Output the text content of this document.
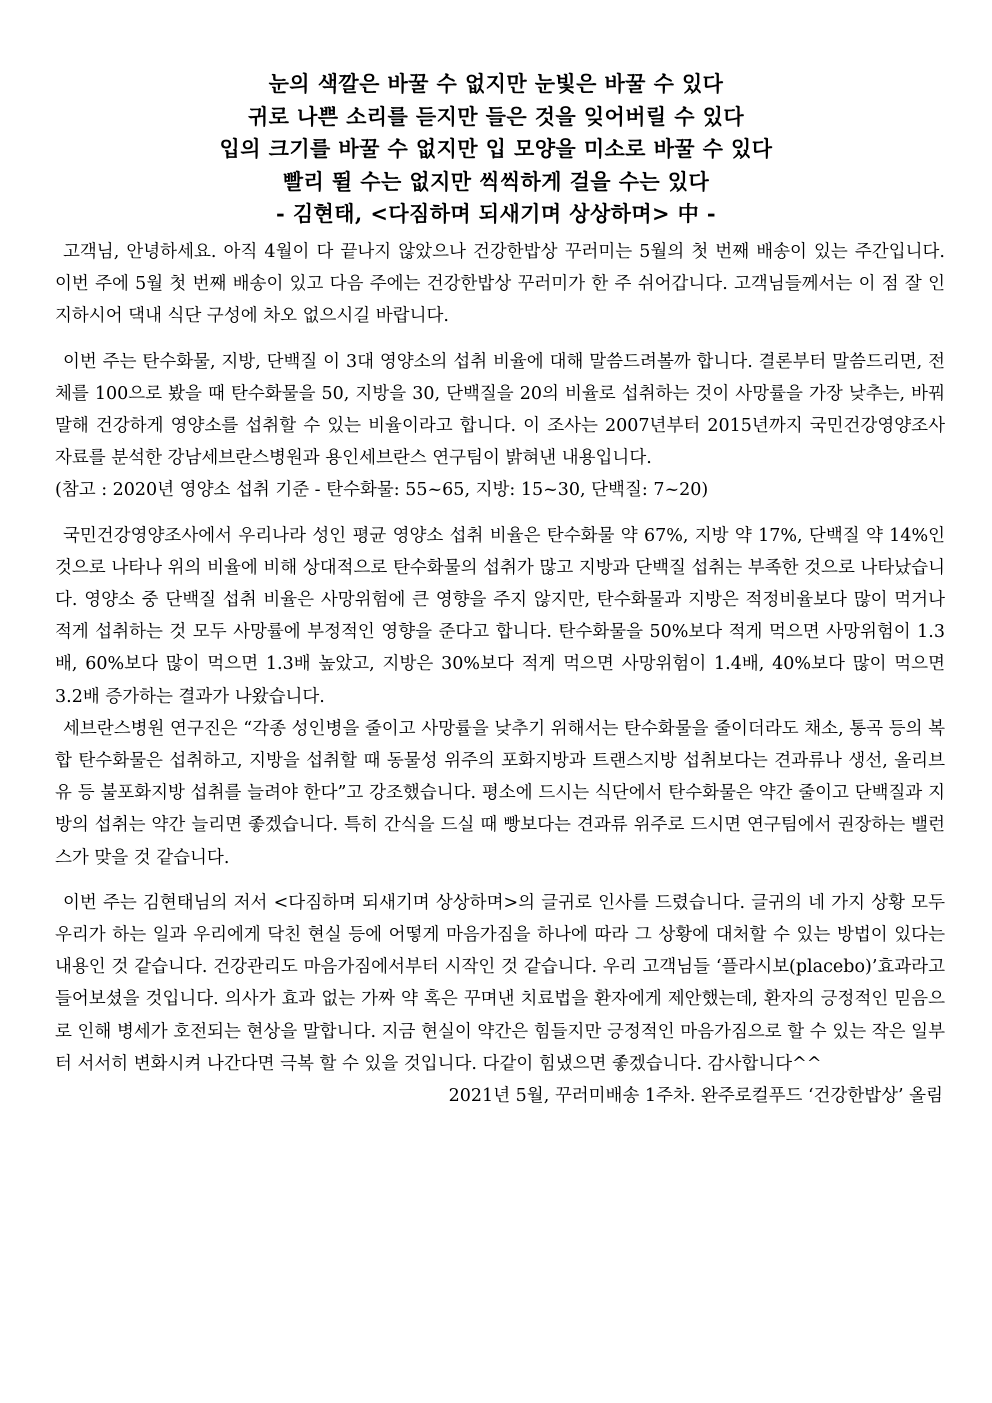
눈의 색깔은 바꿀 수 없지만 눈빛은 바꿀 수 있다
귀로 나쁜 소리를 듣지만 들은 것을 잊어버릴 수 있다
입의 크기를 바꿀 수 없지만 입 모양을 미소로 바꿀 수 있다
빨리 뛸 수는 없지만 씩씩하게 걸을 수는 있다
- 김현태, <다짐하며 되새기며 상상하며> 中 -

고객님, 안녕하세요. 아직 4월이 다 끝나지 않았으나 건강한밥상 꾸러미는 5월의 첫 번째 배송이 있는 주간입니다. 이번 주에 5월 첫 번째 배송이 있고 다음 주에는 건강한밥상 꾸러미가 한 주 쉬어갑니다. 고객님들께서는 이 점 잘 인지하시어 댁내 식단 구성에 차오 없으시길 바랍니다.

이번 주는 탄수화물, 지방, 단백질 이 3대 영양소의 섭취 비율에 대해 말씀드려볼까 합니다. 결론부터 말씀드리면, 전체를 100으로 봤을 때 탄수화물을 50, 지방을 30, 단백질을 20의 비율로 섭취하는 것이 사망률을 가장 낮추는, 바꿔 말해 건강하게 영양소를 섭취할 수 있는 비율이라고 합니다. 이 조사는 2007년부터 2015년까지 국민건강영양조사 자료를 분석한 강남세브란스병원과 용인세브란스 연구팀이 밝혀낸 내용입니다.

(참고 : 2020년 영양소 섭취 기준 - 탄수화물: 55~65, 지방: 15~30, 단백질: 7~20)

국민건강영양조사에서 우리나라 성인 평균 영양소 섭취 비율은 탄수화물 약 67%, 지방 약 17%, 단백질 약 14%인 것으로 나타나 위의 비율에 비해 상대적으로 탄수화물의 섭취가 많고 지방과 단백질 섭취는 부족한 것으로 나타났습니다. 영양소 중 단백질 섭취 비율은 사망위험에 큰 영향을 주지 않지만, 탄수화물과 지방은 적정비율보다 많이 먹거나 적게 섭취하는 것 모두 사망률에 부정적인 영향을 준다고 합니다. 탄수화물을 50%보다 적게 먹으면 사망위험이 1.3배, 60%보다 많이 먹으면 1.3배 높았고, 지방은 30%보다 적게 먹으면 사망위험이 1.4배, 40%보다 많이 먹으면 3.2배 증가하는 결과가 나왔습니다.

세브란스병원 연구진은 “각종 성인병을 줄이고 사망률을 낮추기 위해서는 탄수화물을 줄이더라도 채소, 통곡 등의 복합 탄수화물은 섭취하고, 지방을 섭취할 때 동물성 위주의 포화지방과 트랜스지방 섭취보다는 견과류나 생선, 올리브유 등 불포화지방 섭취를 늘려야 한다”고 강조했습니다. 평소에 드시는 식단에서 탄수화물은 약간 줄이고 단백질과 지방의 섭취는 약간 늘리면 좋겠습니다. 특히 간식을 드실 때 빵보다는 견과류 위주로 드시면 연구팀에서 권장하는 밸런스가 맞을 것 같습니다.

이번 주는 김현태님의 저서 <다짐하며 되새기며 상상하며>의 글귀로 인사를 드렸습니다. 글귀의 네 가지 상황 모두 우리가 하는 일과 우리에게 닥친 현실 등에 어떻게 마음가짐을 하나에 따라 그 상황에 대처할 수 있는 방법이 있다는 내용인 것 같습니다. 건강관리도 마음가짐에서부터 시작인 것 같습니다. 우리 고객님들 ‘플라시보(placebo)’효과라고 들어보셨을 것입니다. 의사가 효과 없는 가짜 약 혹은 꾸며낸 치료법을 환자에게 제안했는데, 환자의 긍정적인 믿음으로 인해 병세가 호전되는 현상을 말합니다. 지금 현실이 약간은 힘들지만 긍정적인 마음가짐으로 할 수 있는 작은 일부터 서서히 변화시켜 나간다면 극복 할 수 있을 것입니다. 다같이 힘냈으면 좋겠습니다. 감사합니다^^

2021년 5월, 꾸러미배송 1주차. 완주로컬푸드 ‘건강한밥상’ 올림
